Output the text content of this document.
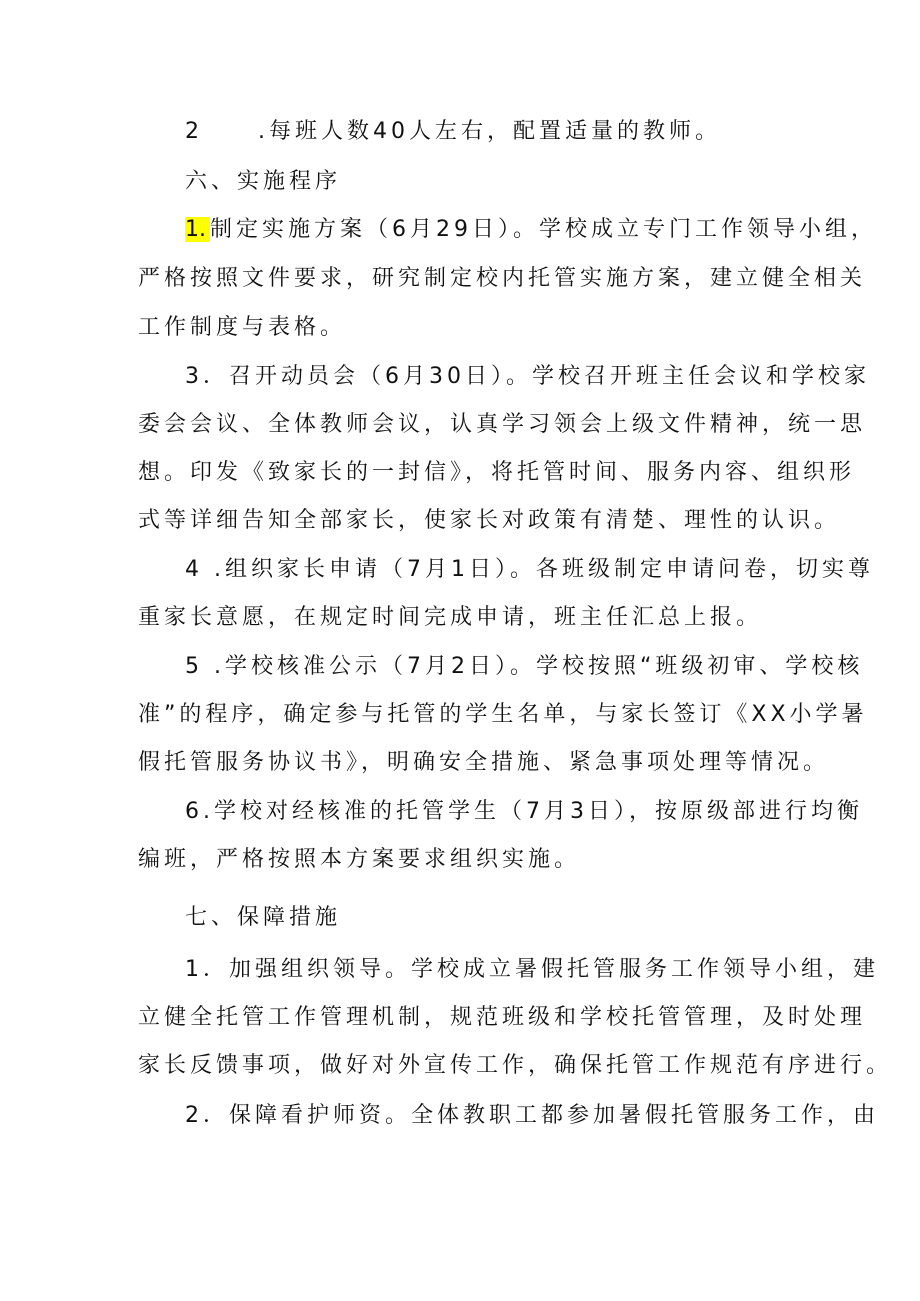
2	.每班人数40人左右，配置适量的教师。
六、实施程序
1. 制定实施方案（6月29日）。学校成立专门工作领导小组，
严格按照文件要求，研究制定校内托管实施方案，建立健全相关
工作制度与表格。
3．召开动员会（6月30日）。学校召开班主任会议和学校家
委会会议、全体教师会议，认真学习领会上级文件精神，统一思
想。印发《致家长的一封信》，将托管时间、服务内容、组织形
式等详细告知全部家长，使家长对政策有清楚、理性的认识。
4 .组织家长申请（7月1日）。各班级制定申请问卷，切实尊
重家长意愿，在规定时间完成申请，班主任汇总上报。
5 .学校核准公示（7月2日）。学校按照“班级初审、学校核
准”的程序，确定参与托管的学生名单，与家长签订《XX小学暑
假托管服务协议书》，明确安全措施、紧急事项处理等情况。
6.学校对经核准的托管学生（7月3日），按原级部进行均衡
编班，严格按照本方案要求组织实施。
七、保障措施
1．加强组织领导。学校成立暑假托管服务工作领导小组，建
立健全托管工作管理机制，规范班级和学校托管管理，及时处理
家长反馈事项，做好对外宣传工作，确保托管工作规范有序进行。
2．保障看护师资。全体教职工都参加暑假托管服务工作，由
